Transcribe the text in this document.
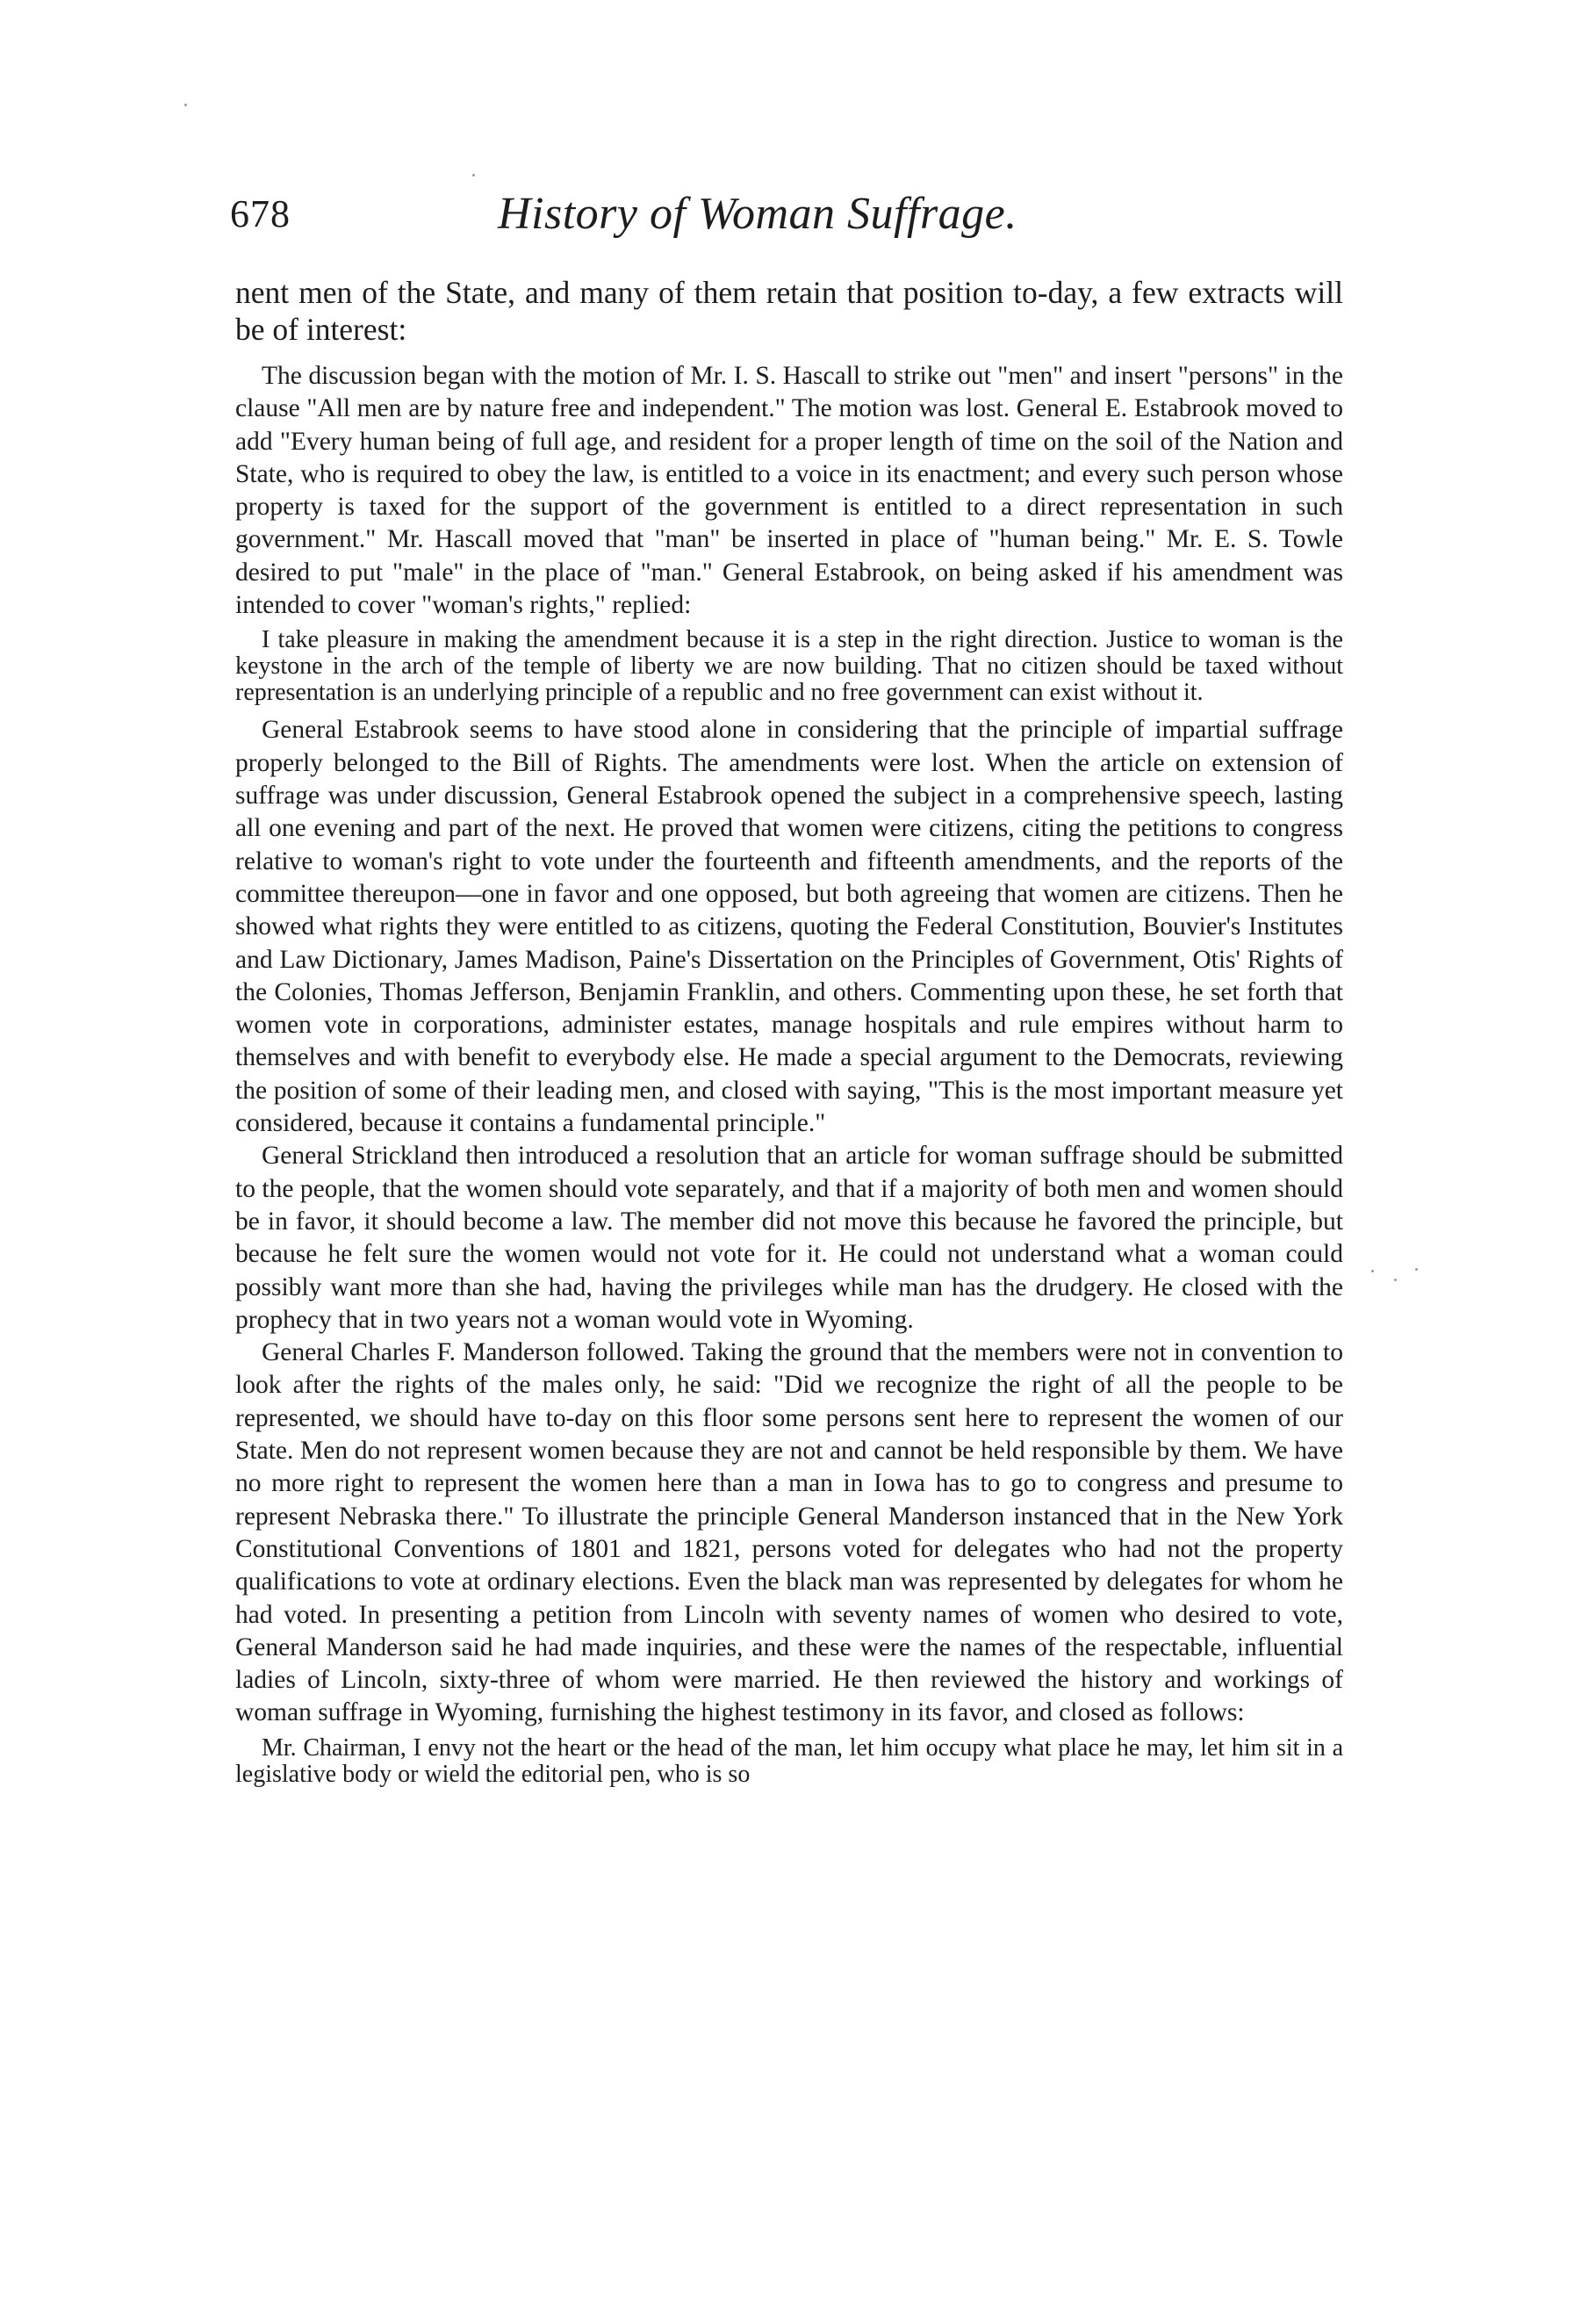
678	History of Woman Suffrage.
nent men of the State, and many of them retain that position to-day, a few extracts will be of interest:

The discussion began with the motion of Mr. I. S. Hascall to strike out "men" and insert "persons" in the clause "All men are by nature free and independent." The motion was lost. General E. Estabrook moved to add "Every human being of full age, and resident for a proper length of time on the soil of the Nation and State, who is required to obey the law, is entitled to a voice in its enactment; and every such person whose property is taxed for the support of the government is entitled to a direct representation in such government." Mr. Hascall moved that "man" be inserted in place of "human being." Mr. E. S. Towle desired to put "male" in the place of "man." General Estabrook, on being asked if his amendment was intended to cover "woman's rights," replied:

I take pleasure in making the amendment because it is a step in the right direction. Justice to woman is the keystone in the arch of the temple of liberty we are now building. That no citizen should be taxed without representation is an underlying principle of a republic and no free government can exist without it.

General Estabrook seems to have stood alone in considering that the principle of impartial suffrage properly belonged to the Bill of Rights. The amendments were lost. When the article on extension of suffrage was under discussion, General Estabrook opened the subject in a comprehensive speech, lasting all one evening and part of the next. He proved that women were citizens, citing the petitions to congress relative to woman's right to vote under the fourteenth and fifteenth amendments, and the reports of the committee thereupon—one in favor and one opposed, but both agreeing that women are citizens. Then he showed what rights they were entitled to as citizens, quoting the Federal Constitution, Bouvier's Institutes and Law Dictionary, James Madison, Paine's Dissertation on the Principles of Government, Otis' Rights of the Colonies, Thomas Jefferson, Benjamin Franklin, and others. Commenting upon these, he set forth that women vote in corporations, administer estates, manage hospitals and rule empires without harm to themselves and with benefit to everybody else. He made a special argument to the Democrats, reviewing the position of some of their leading men, and closed with saying, "This is the most important measure yet considered, because it contains a fundamental principle."

General Strickland then introduced a resolution that an article for woman suffrage should be submitted to the people, that the women should vote separately, and that if a majority of both men and women should be in favor, it should become a law. The member did not move this because he favored the principle, but because he felt sure the women would not vote for it. He could not understand what a woman could possibly want more than she had, having the privileges while man has the drudgery. He closed with the prophecy that in two years not a woman would vote in Wyoming.

General Charles F. Manderson followed. Taking the ground that the members were not in convention to look after the rights of the males only, he said: "Did we recognize the right of all the people to be represented, we should have to-day on this floor some persons sent here to represent the women of our State. Men do not represent women because they are not and cannot be held responsible by them. We have no more right to represent the women here than a man in Iowa has to go to congress and presume to represent Nebraska there." To illustrate the principle General Manderson instanced that in the New York Constitutional Conventions of 1801 and 1821, persons voted for delegates who had not the property qualifications to vote at ordinary elections. Even the black man was represented by delegates for whom he had voted. In presenting a petition from Lincoln with seventy names of women who desired to vote, General Manderson said he had made inquiries, and these were the names of the respectable, influential ladies of Lincoln, sixty-three of whom were married. He then reviewed the history and workings of woman suffrage in Wyoming, furnishing the highest testimony in its favor, and closed as follows:

Mr. Chairman, I envy not the heart or the head of the man, let him occupy what place he may, let him sit in a legislative body or wield the editorial pen, who is so
